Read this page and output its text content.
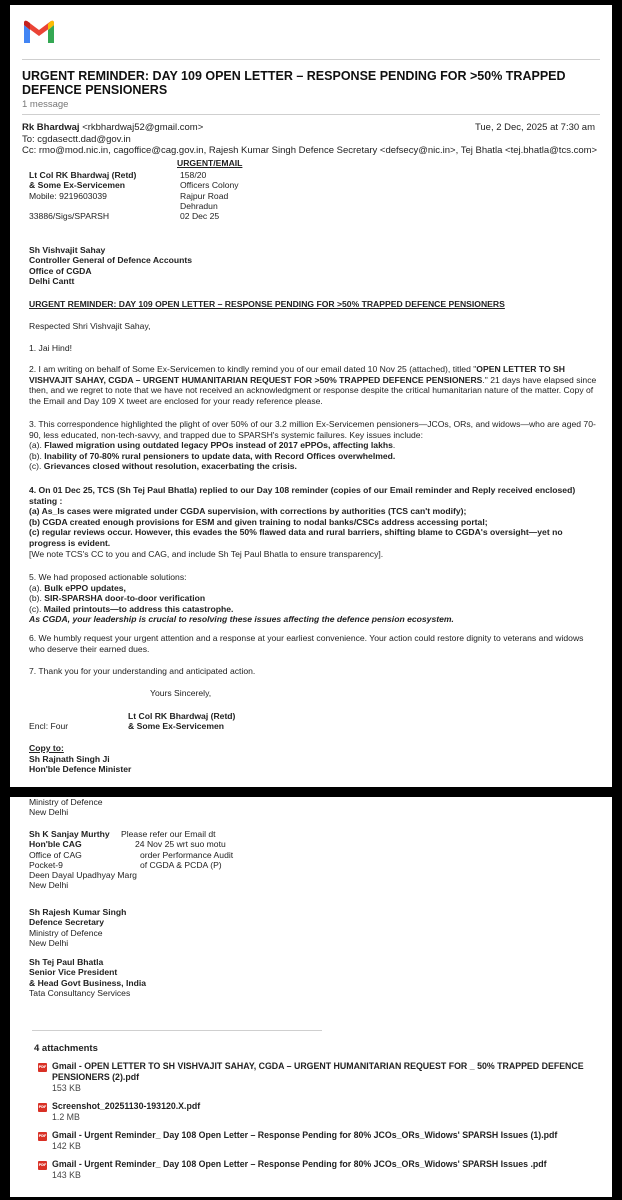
URGENT REMINDER: DAY 109 OPEN LETTER – RESPONSE PENDING FOR >50% TRAPPED DEFENCE PENSIONERS
1 message
Rk Bhardwaj <rkbhardwaj52@gmail.com>	Tue, 2 Dec, 2025 at 7:30 am
To: cgdasectt.dad@gov.in
Cc: rmo@mod.nic.in, cagoffice@cag.gov.in, Rajesh Kumar Singh Defence Secretary <defsecy@nic.in>, Tej Bhatla <tej.bhatla@tcs.com>
URGENT/EMAIL
Lt Col RK Bhardwaj (Retd)
& Some Ex-Servicemen
Mobile: 9219603039
33886/Sigs/SPARSH
158/20
Officers Colony
Rajpur Road
Dehradun
02 Dec 25
Sh Vishvajit Sahay
Controller General of Defence Accounts
Office of CGDA
Delhi Cantt
URGENT REMINDER: DAY 109 OPEN LETTER – RESPONSE PENDING FOR >50% TRAPPED DEFENCE PENSIONERS
Respected Shri Vishvajit Sahay,
1. Jai Hind!
2. I am writing on behalf of Some Ex-Servicemen to kindly remind you of our email dated 10 Nov 25 (attached), titled "OPEN LETTER TO SH VISHVAJIT SAHAY, CGDA – URGENT HUMANITARIAN REQUEST FOR >50% TRAPPED DEFENCE PENSIONERS." 21 days have elapsed since then, and we regret to note that we have not received an acknowledgment or response despite the critical humanitarian nature of the matter. Copy of the Email and Day 109 X tweet are enclosed for your ready reference please.
3. This correspondence highlighted the plight of over 50% of our 3.2 million Ex-Servicemen pensioners—JCOs, ORs, and widows—who are aged 70-90, less educated, non-tech-savvy, and trapped due to SPARSH's systemic failures. Key issues include:
(a). Flawed migration using outdated legacy PPOs instead of 2017 ePPOs, affecting lakhs.
(b). Inability of 70-80% rural pensioners to update data, with Record Offices overwhelmed.
(c). Grievances closed without resolution, exacerbating the crisis.
4. On 01 Dec 25, TCS (Sh Tej Paul Bhatla) replied to our Day 108 reminder (copies of our Email reminder and Reply received enclosed) stating :
(a) As_Is cases were migrated under CGDA supervision, with corrections by authorities (TCS can't modify);
(b) CGDA created enough provisions for ESM and given training to nodal banks/CSCs address accessing portal;
(c) regular reviews occur. However, this evades the 50% flawed data and rural barriers, shifting blame to CGDA's oversight—yet no progress is evident.
[We note TCS's CC to you and CAG, and include Sh Tej Paul Bhatla to ensure transparency].
5. We had proposed actionable solutions:
(a). Bulk ePPO updates,
(b). SIR-SPARSHA door-to-door verification
(c). Mailed printouts—to address this catastrophe.
As CGDA, your leadership is crucial to resolving these issues affecting the defence pension ecosystem.
6. We humbly request your urgent attention and a response at your earliest convenience. Your action could restore dignity to veterans and widows who deserve their earned dues.
7. Thank you for your understanding and anticipated action.
Yours Sincerely,
Lt Col RK Bhardwaj (Retd)
& Some Ex-Servicemen
Encl: Four
Copy to:
Sh Rajnath Singh Ji
Hon'ble Defence Minister
Ministry of Defence
New Delhi
Sh K Sanjay Murthy
Hon'ble CAG
Office of CAG
Pocket-9
Deen Dayal Upadhyay Marg
New Delhi
Please refer our Email dt
24 Nov 25 wrt suo motu
order Performance Audit
of CGDA & PCDA (P)
Sh Rajesh Kumar Singh
Defence Secretary
Ministry of Defence
New Delhi
Sh Tej Paul Bhatla
Senior Vice President
& Head Govt Business, India
Tata Consultancy Services
4 attachments
PDF Gmail - OPEN LETTER TO SH VISHVAJIT SAHAY, CGDA – URGENT HUMANITARIAN REQUEST FOR _ 50% TRAPPED DEFENCE PENSIONERS (2).pdf
153 KB
PDF Screenshot_20251130-193120.X.pdf
1.2 MB
PDF Gmail - Urgent Reminder_ Day 108 Open Letter – Response Pending for 80% JCOs_ORs_Widows' SPARSH Issues (1).pdf
142 KB
PDF Gmail - Urgent Reminder_ Day 108 Open Letter – Response Pending for 80% JCOs_ORs_Widows' SPARSH Issues .pdf
143 KB
